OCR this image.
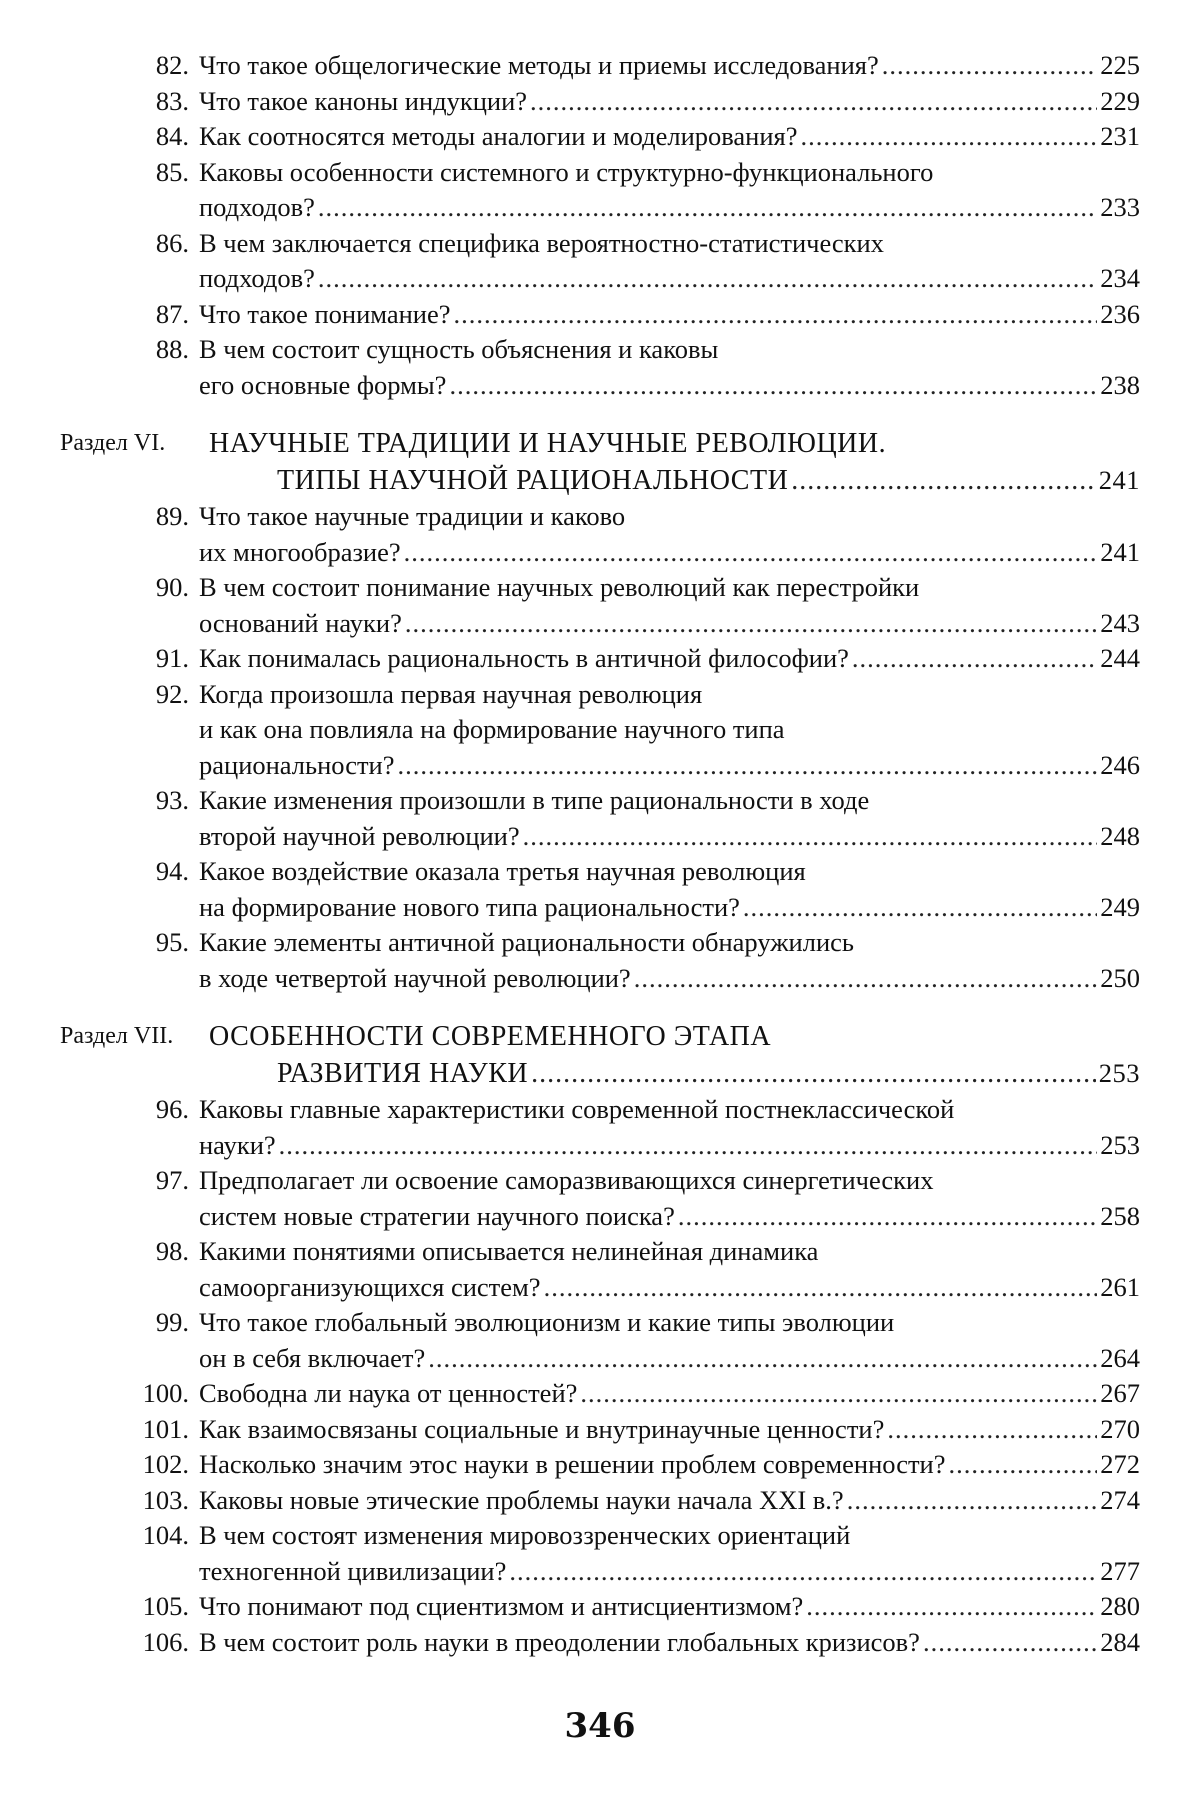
82. Что такое общелогические методы и приемы исследования? .....	225
83. Что такое каноны индукции? .....	229
84. Как соотносятся методы аналогии и моделирования? .....	231
85. Каковы особенности системного и структурно-функционального
подходов? .....	233
86. В чем заключается специфика вероятностно-статистических
подходов? .....	234
87. Что такое понимание? .....	236
88. В чем состоит сущность объяснения и каковы
его основные формы? .....	238
Раздел VI. НАУЧНЫЕ ТРАДИЦИИ И НАУЧНЫЕ РЕВОЛЮЦИИ.
ТИПЫ НАУЧНОЙ РАЦИОНАЛЬНОСТИ .....	241
89. Что такое научные традиции и каково
их многообразие? .....	241
90. В чем состоит понимание научных революций как перестройки
оснований науки? .....	243
91. Как понималась рациональность в античной философии? .....	244
92. Когда произошла первая научная революция
и как она повлияла на формирование научного типа
рациональности? .....	246
93. Какие изменения произошли в типе рациональности в ходе
второй научной революции? .....	248
94. Какое воздействие оказала третья научная революция
на формирование нового типа рациональности? .....	249
95. Какие элементы античной рациональности обнаружились
в ходе четвертой научной революции? .....	250
Раздел VII. ОСОБЕННОСТИ СОВРЕМЕННОГО ЭТАПА
РАЗВИТИЯ НАУКИ .....	253
96. Каковы главные характеристики современной постнеклассической
науки? .....	253
97. Предполагает ли освоение саморазвивающихся синергетических
систем новые стратегии научного поиска? .....	258
98. Какими понятиями описывается нелинейная динамика
самоорганизующихся систем? .....	261
99. Что такое глобальный эволюционизм и какие типы эволюции
он в себя включает? .....	264
100. Свободна ли наука от ценностей? .....	267
101. Как взаимосвязаны социальные и внутринаучные ценности? .....	270
102. Насколько значим этос науки в решении проблем современности? .....	272
103. Каковы новые этические проблемы науки начала XXI в.? .....	274
104. В чем состоят изменения мировоззренческих ориентаций
техногенной цивилизации? .....	277
105. Что понимают под сциентизмом и антисциентизмом? .....	280
106. В чем состоит роль науки в преодолении глобальных кризисов? .....	284
346
